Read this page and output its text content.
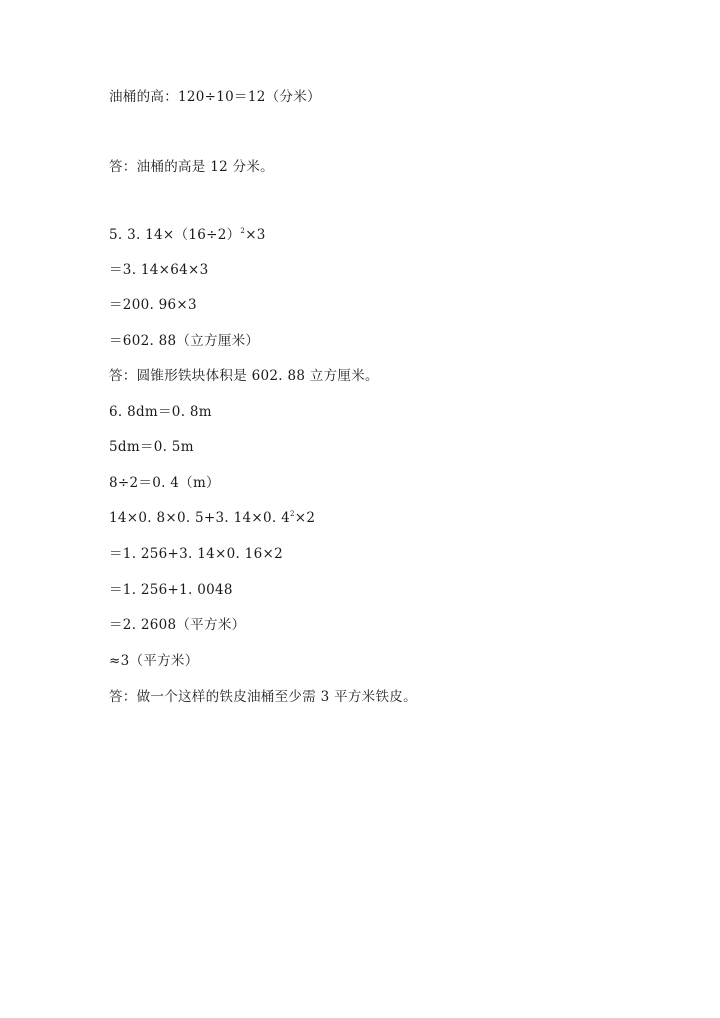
油桶的高：120÷10＝12（分米）
答：油桶的高是 12 分米。
5. 3. $14\times(16\div 2)^2\times 3$
＝3. 14×64×3
＝200. 96×3
＝602. 88（立方厘米）
答：圆锥形铁块体积是 602. 88 立方厘米。
6. 8dm＝0. 8m
5dm＝0. 5m
8÷2＝0. 4（m）
14×0. 8×0. 5+3. 14×0. $4^2\times 2$
＝1. 256+3. 14×0. 16×2
＝1. 256+1. 0048
＝2. 2608（平方米）
≈3（平方米）
答：做一个这样的铁皮油桶至少需 3 平方米铁皮。
